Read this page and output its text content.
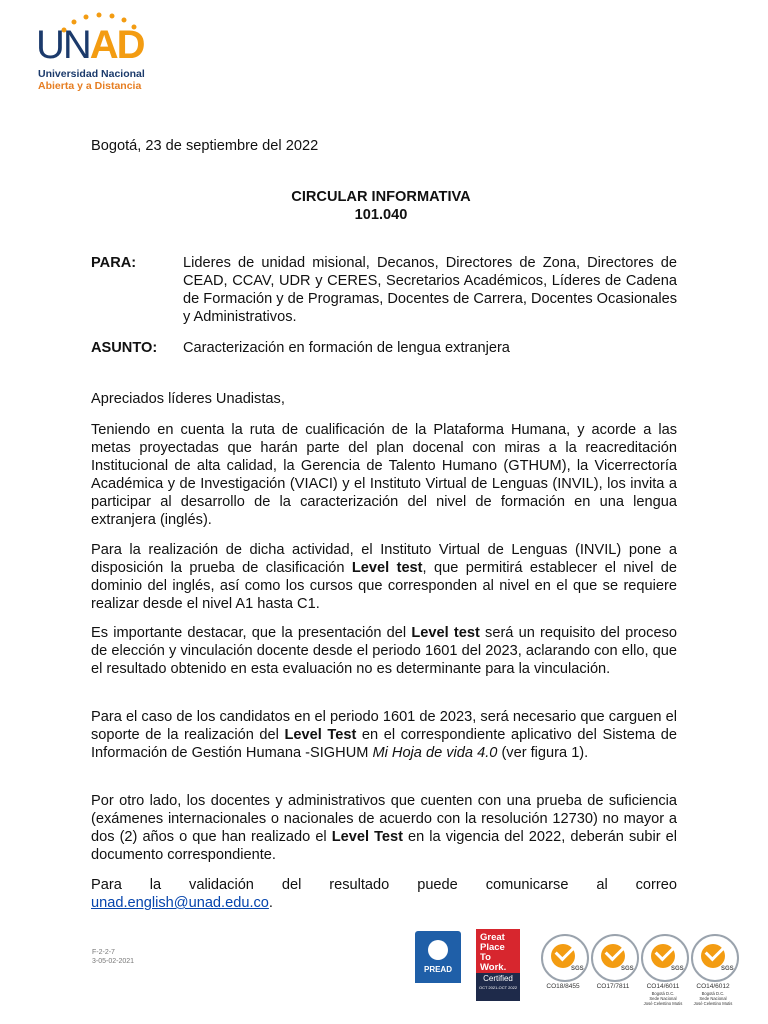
UNAD
Universidad Nacional
Abierta y a Distancia
Bogotá, 23 de septiembre del 2022
CIRCULAR INFORMATIVA
101.040
PARA:	Lideres de unidad misional, Decanos, Directores de Zona, Directores de CEAD, CCAV, UDR y CERES, Secretarios Académicos, Líderes de Cadena de Formación y de Programas, Docentes de Carrera, Docentes Ocasionales y Administrativos.
ASUNTO: Caracterización en formación de lengua extranjera
Apreciados líderes Unadistas,
Teniendo en cuenta la ruta de cualificación de la Plataforma Humana, y acorde a las metas proyectadas que harán parte del plan docenal con miras a la reacreditación Institucional de alta calidad, la Gerencia de Talento Humano (GTHUM), la Vicerrectoría Académica y de Investigación (VIACI) y el Instituto Virtual de Lenguas (INVIL), los invita a participar al desarrollo de la caracterización del nivel de formación en una lengua extranjera (inglés).
Para la realización de dicha actividad, el Instituto Virtual de Lenguas (INVIL) pone a disposición la prueba de clasificación Level test, que permitirá establecer el nivel de dominio del inglés, así como los cursos que corresponden al nivel en el que se requiere realizar desde el nivel A1 hasta C1.
Es importante destacar, que la presentación del Level test será un requisito del proceso de elección y vinculación docente desde el periodo 1601 del 2023, aclarando con ello, que el resultado obtenido en esta evaluación no es determinante para la vinculación.
Para el caso de los candidatos en el periodo 1601 de 2023, será necesario que carguen el soporte de la realización del Level Test en el correspondiente aplicativo del Sistema de Información de Gestión Humana -SIGHUM Mi Hoja de vida 4.0 (ver figura 1).
Por otro lado, los docentes y administrativos que cuenten con una prueba de suficiencia (exámenes internacionales o nacionales de acuerdo con la resolución 12730) no mayor a dos (2) años o que han realizado el Level Test en la vigencia del 2022, deberán subir el documento correspondiente.
Para la validación del resultado puede comunicarse al correo
unad.english@unad.edu.co.
F-2-2-7
3-05-02-2021
PREAD
Great
Place
To
Work.
Certified
OCT 2021-OCT 2022
SGS
CO18/8455
SGS
CO17/7811
SGS
CO14/6011
Bogotá D.C.
Sede Nacional
José Celestino Mutis
SGS
CO14/6012
Bogotá D.C.
Sede Nacional
José Celestino Mutis
